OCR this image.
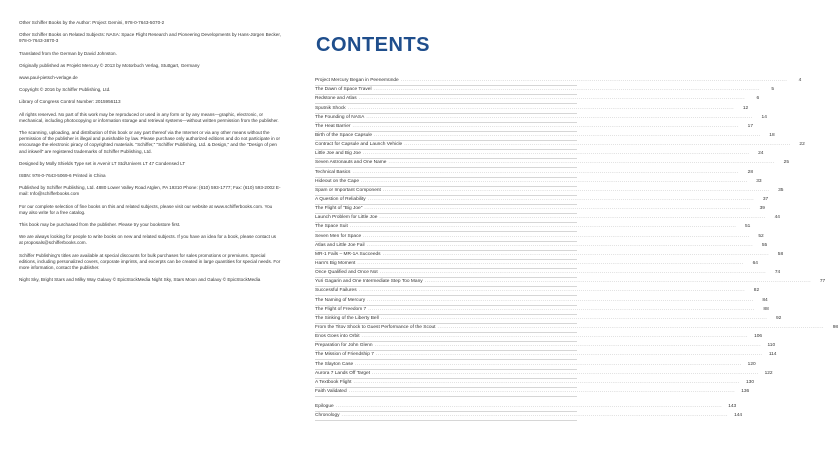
Other Schiffer Books by the Author: Project Gemini, 978-0-7643-5070-2

Other Schiffer Books on Related Subjects: NASA: Space Flight Research and Pioneering Developments by Hans-Jürgen Becker, 978-0-7643-3870-3

Translated from the German by David Johnston.

Originally published as Projekt Mercury © 2013 by Motorbuch Verlag, Stuttgart, Germany

www.paul-pietsch-verlage.de

Copyright © 2016 by Schiffer Publishing, Ltd.

Library of Congress Control Number: 2015956113

All rights reserved. No part of this work may be reproduced or used in any form or by any means—graphic, electronic, or mechanical, including photocopying or information storage and retrieval systems—without written permission from the publisher.

The scanning, uploading, and distribution of this book or any part thereof via the Internet or via any other means without the permission of the publisher is illegal and punishable by law. Please purchase only authorized editions and do not participate in or encourage the electronic piracy of copyrighted materials. "Schiffer," "Schiffer Publishing, Ltd. & Design," and the "Design of pen and inkwell" are registered trademarks of Schiffer Publishing, Ltd.

Designed by Molly Shields Type set in Avenir LT Std/Univers LT 47 Condensed LT

ISBN: 978-0-7643-5069-6 Printed in China

Published by Schiffer Publishing, Ltd. 4880 Lower Valley Road Atglen, PA 19310 Phone: (610) 593-1777; Fax: (610) 593-2002 E-mail: Info@schifferbooks.com

For our complete selection of fine books on this and related subjects, please visit our website at www.schifferbooks.com. You may also write for a free catalog.

This book may be purchased from the publisher. Please try your bookstore first.

We are always looking for people to write books on new and related subjects. If you have an idea for a book, please contact us at proposals@schifferbooks.com.

Schiffer Publishing's titles are available at special discounts for bulk purchases for sales promotions or premiums. Special editions, including personalized covers, corporate imprints, and excerpts can be created in large quantities for special needs. For more information, contact the publisher.

Night Sky, Bright Stars and Milky Way Galaxy © EpicStockMedia Night Sky, Stars Moon and Galaxy © EpicStockMedia

CONTENTS
Project Mercury Began in Peenemünde ........................................................................................................................................................................................................	4
The Dawn of Space Travel ........................................................................................................................................................................................................	5
Redstone and Atlas ........................................................................................................................................................................................................	6
Sputnik Shock ........................................................................................................................................................................................................	12
The Founding of NASA ........................................................................................................................................................................................................	14
The Heat Barrier ........................................................................................................................................................................................................	17
Birth of the Space Capsule ........................................................................................................................................................................................................	18
Contract for Capsule and Launch Vehicle ........................................................................................................................................................................................................	22
Little Joe and Big Joe ........................................................................................................................................................................................................	24
Seven Astronauts and One Name ........................................................................................................................................................................................................	25
Technical Basics ........................................................................................................................................................................................................	28
Hideout on the Cape ........................................................................................................................................................................................................	33
Spam or Important Component ........................................................................................................................................................................................................	35
A Question of Reliability ........................................................................................................................................................................................................	37
The Flight of "Big Joe" ........................................................................................................................................................................................................	39
Launch Problem for Little Joe ........................................................................................................................................................................................................	44
The Space Suit ........................................................................................................................................................................................................	51
Seven Men for Space ........................................................................................................................................................................................................	52
Atlas and Little Joe Fail ........................................................................................................................................................................................................	55
MR-1 Fails – MR-1A Succeeds ........................................................................................................................................................................................................	58
Ham's Big Moment ........................................................................................................................................................................................................	64
Once Qualified and Once Not ........................................................................................................................................................................................................	74
Yuri Gagarin and One Intermediate Step Too Many ........................................................................................................................................................................................................	77
Successful Failures ........................................................................................................................................................................................................	82
The Naming of Mercury ........................................................................................................................................................................................................	84
The Flight of Freedom 7 ........................................................................................................................................................................................................	88
The Sinking of the Liberty Bell ........................................................................................................................................................................................................	92
From the Titov Shock to Guest Performance of the Scout ........................................................................................................................................................................................................	98
Enos Goes into Orbit ........................................................................................................................................................................................................	106
Preparation for John Glenn ........................................................................................................................................................................................................	110
The Mission of Friendship 7 ........................................................................................................................................................................................................	114
The Slayton Case ........................................................................................................................................................................................................	120
Aurora 7 Lands Off Target ........................................................................................................................................................................................................	122
A Textbook Flight ........................................................................................................................................................................................................	130
Faith Validated ........................................................................................................................................................................................................	136
Epilogue ........................................................................................................................................................................................................	143
Chronology ........................................................................................................................................................................................................	144
